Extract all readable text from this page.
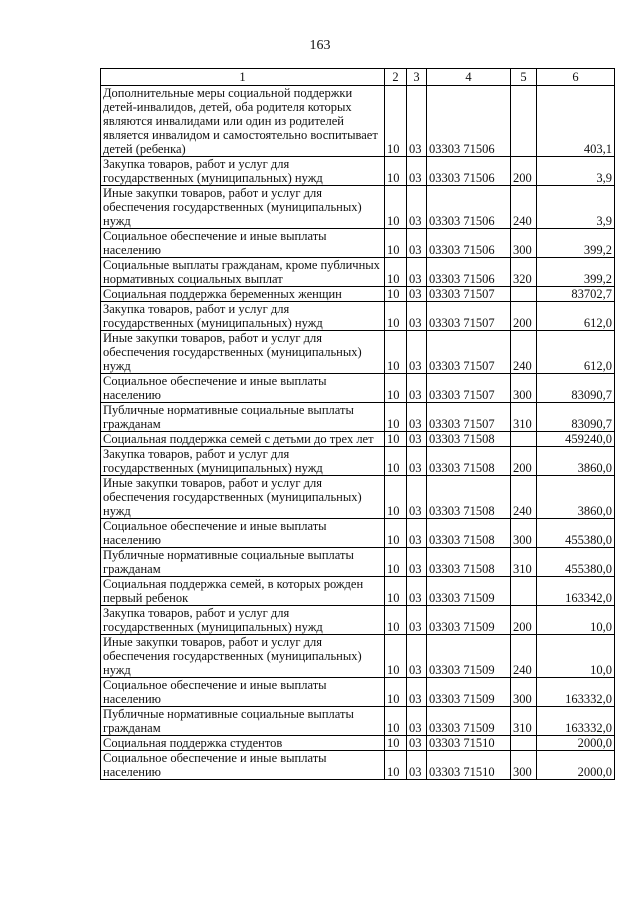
163
1	2	3	4	5	6
Дополнительные меры социальной поддержки детей-инвалидов, детей, оба родителя которых являются инвалидами или один из родителей является инвалидом и самостоятельно воспитывает детей (ребенка)	10	03	03303 71506		403,1
Закупка товаров, работ и услуг для государственных (муниципальных) нужд	10	03	03303 71506	200	3,9
Иные закупки товаров, работ и услуг для обеспечения государственных (муниципальных) нужд	10	03	03303 71506	240	3,9
Социальное обеспечение и иные выплаты населению	10	03	03303 71506	300	399,2
Социальные выплаты гражданам, кроме публичных нормативных социальных выплат	10	03	03303 71506	320	399,2
Социальная поддержка беременных женщин	10	03	03303 71507		83702,7
Закупка товаров, работ и услуг для государственных (муниципальных) нужд	10	03	03303 71507	200	612,0
Иные закупки товаров, работ и услуг для обеспечения государственных (муниципальных) нужд	10	03	03303 71507	240	612,0
Социальное обеспечение и иные выплаты населению	10	03	03303 71507	300	83090,7
Публичные нормативные социальные выплаты гражданам	10	03	03303 71507	310	83090,7
Социальная поддержка семей с детьми до трех лет	10	03	03303 71508		459240,0
Закупка товаров, работ и услуг для государственных (муниципальных) нужд	10	03	03303 71508	200	3860,0
Иные закупки товаров, работ и услуг для обеспечения государственных (муниципальных) нужд	10	03	03303 71508	240	3860,0
Социальное обеспечение и иные выплаты населению	10	03	03303 71508	300	455380,0
Публичные нормативные социальные выплаты гражданам	10	03	03303 71508	310	455380,0
Социальная поддержка семей, в которых рожден первый ребенок	10	03	03303 71509		163342,0
Закупка товаров, работ и услуг для государственных (муниципальных) нужд	10	03	03303 71509	200	10,0
Иные закупки товаров, работ и услуг для обеспечения государственных (муниципальных) нужд	10	03	03303 71509	240	10,0
Социальное обеспечение и иные выплаты населению	10	03	03303 71509	300	163332,0
Публичные нормативные социальные выплаты гражданам	10	03	03303 71509	310	163332,0
Социальная поддержка студентов	10	03	03303 71510		2000,0
Социальное обеспечение и иные выплаты населению	10	03	03303 71510	300	2000,0
